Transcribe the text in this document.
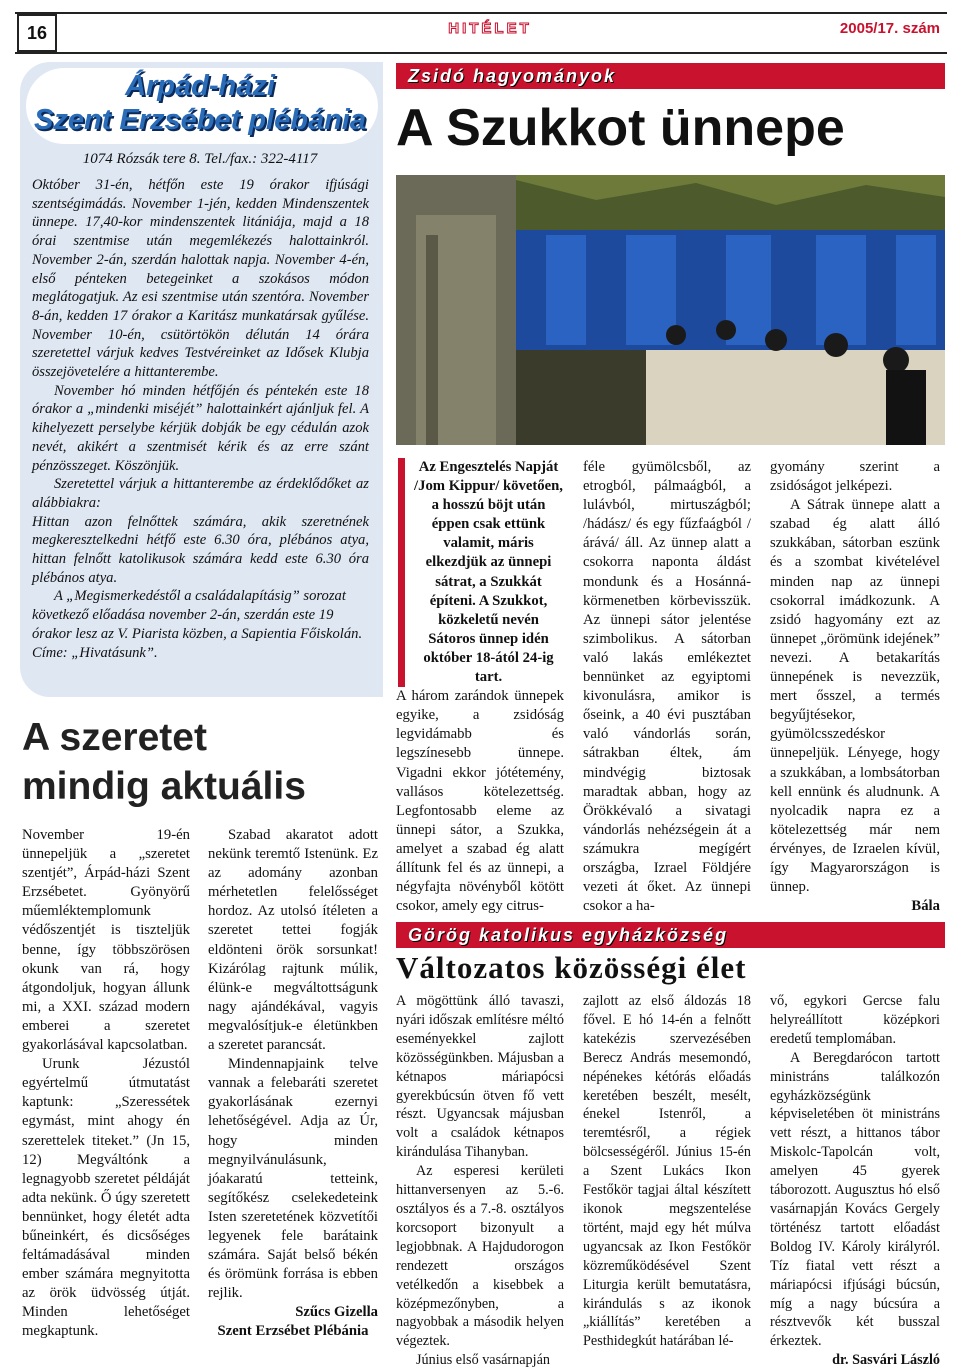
16	HITÉLET	2005/17. szám
Árpád-házi
Szent Erzsébet plébánia
1074 Rózsák tere 8. Tel./fax.: 322-4117

Október 31-én, hétfőn este 19 órakor ifjúsági szentségimádás. November 1-jén, kedden Mindenszentek ünnepe. 17,40-kor mindenszentek litániája, majd a 18 órai szentmise után megemlékezés halottainkról. November 2-án, szerdán halottak napja. November 4-én, első pénteken betegeinket a szokásos módon meglátogatjuk. Az esi szentmise után szentóra. November 8-án, kedden 17 órakor a Karitász munkatársak gyűlése. November 10-én, csütörtökön délután 14 órára szeretettel várjuk kedves Testvéreinket az Idősek Klubja összejövetelére a hittanterembe.

November hó minden hétfőjén és péntekén este 18 órakor a „mindenki miséjét” halottainkért ajánljuk fel. A kihelyezett perselybe kérjük dobják be egy cédulán azok nevét, akikért a szentmisét kérik és az erre szánt pénzösszeget. Köszönjük.

Szeretettel várjuk a hittanterembe az érdeklődőket az alábbiakra:

Hittan azon felnőttek számára, akik szeretnének megkeresztelkedni hétfő este 6.30 óra, plébános atya, hittan felnőtt katolikusok számára kedd este 6.30 óra plébános atya.

A „Megismerkedéstől a családalapításig” sorozat következő előadása november 2-án, szerdán este 19 órakor lesz az V. Piarista közben, a Sapientia Főiskolán. Címe: „Hivatásunk”.

A szeretet
mindig aktuális

November 19-én ünnepeljük a „szeretet szentjét”, Árpád-házi Szent Erzsébetet. Gyönyörű műemléktemplomunk védőszentjét is tiszteljük benne, így többszörösen okunk van rá, hogy átgondoljuk, hogyan állunk mi, a XXI. század modern emberei a szeretet gyakorlásával kapcsolatban.

Urunk Jézustól egyértelmű útmutatást kaptunk: „Szeressétek egymást, mint ahogy én szerettelek titeket.” (Jn 15, 12) Megváltónk a legnagyobb szeretet példáját adta nekünk. Ő úgy szeretett bennünket, hogy életét adta bűneinkért, és dicsőséges feltámadásával minden ember számára megnyitotta az örök üdvösség útját. Minden lehetőséget megkaptunk.

Szabad akaratot adott nekünk teremtő Istenünk. Ez az adomány azonban mérhetetlen felelősséget hordoz. Az utolsó ítéleten a szeretet tettei fogják eldönteni örök sorsunkat! Kizárólag rajtunk múlik, élünk-e megváltottságunk nagy ajándékával, vagyis megvalósítjuk-e életünkben a szeretet parancsát.

Mindennapjaink telve vannak a felebaráti szeretet gyakorlásának ezernyi lehetőségével. Adja az Úr, hogy minden megnyilvánulásunk, jóakaratú tetteink, segítőkész cselekedeteink Isten szeretetének közvetítői legyenek fele barátaink számára. Saját belső békén és örömünk forrása is ebben rejlik.

Szűcs Gizella

Szent Erzsébet Plébánia

Zsidó hagyományok
A Szukkot ünnepe
Az Engesztelés Napját /Jom Kippur/ követően, a hosszú böjt után éppen csak ettünk valamit, máris elkezdjük az ünnepi sátrat, a Szukkát építeni. A Szukkot, közkeletű nevén Sátoros ünnep idén október 18-ától 24-ig tart.

A három zarándok ünnepek egyike, a zsidóság legvidámabb és legszínesebb ünnepe. Vigadni ekkor jótétemény, vallásos kötelezettség. Legfontosabb eleme az ünnepi sátor, a Szukka, amelyet a szabad ég alatt állítunk fel és az ünnepi, a négyfajta növényből kötött csokor, amely egy citrus-

féle gyümölcsből, az etrogból, pálmaágból, a lulávból, mirtuszágból; /hádász/ és egy fűzfaágból /árává/ áll. Az ünnep alatt a csokorra naponta áldást mondunk és a Hosánná-körmenetben körbevisszük. Az ünnepi sátor jelentése szimbolikus. A sátorban való lakás emlékeztet bennünket az egyiptomi kivonulásra, amikor is őseink, a 40 évi pusztában való vándorlás során, sátrakban éltek, ám mindvégig biztosak maradtak abban, hogy az Örökkévaló a sivatagi vándorlás nehézségein át a számukra megígért országba, Izrael Földjére vezeti át őket. Az ünnepi csokor a ha-

gyomány szerint a zsidóságot jelképezi.

A Sátrak ünnepe alatt a szabad ég alatt álló szukkában, sátorban eszünk és a szombat kivételével minden nap az ünnepi csokorral imádkozunk. A zsidó hagyomány ezt az ünnepet „örömünk idejének” nevezi. A betakarítás ünnepének is nevezzük, mert ősszel, a termés begyűjtésekor, gyümölcsszedéskor ünnepeljük. Lényege, hogy a szukkában, a lombsátorban kell ennünk és aludnunk. A nyolcadik napra ez a kötelezettség már nem érvényes, de Izraelen kívül, így Magyarországon is ünnep.

Bála

Görög katolikus egyházközség
Változatos közösségi élet

A mögöttünk álló tavaszi, nyári időszak említésre méltó eseményekkel zajlott közösségünkben. Májusban a kétnapos máriapócsi gyerekbúcsún ötven fő vett részt. Ugyancsak májusban volt a családok kétnapos kirándulása Tihanyban.

Az esperesi kerületi hittanversenyen az 5.-6. osztályos és a 7.-8. osztályos korcsoport bizonyult a legjobbnak. A Hajdudorogon rendezett országos vetélkedőn a kisebbek a középmezőnyben, a nagyobbak a második helyen végeztek.

Június első vasárnapján

zajlott az első áldozás 18 fővel. E hó 14-én a felnőtt katekézis szervezésében Berecz András mesemondó, népénekes kétórás előadás keretében beszélt, mesélt, énekel Istenről, a teremtésről, a régiek bölcsességéről. Június 15-én a Szent Lukács Ikon Festőkör tagjai által készített ikonok megszentelése történt, majd egy hét múlva ugyancsak az Ikon Festőkör közreműködésével Szent Liturgia került bemutatásra, kirándulás s az ikonok „kiállítás” keretében a Pesthidegkút határában lé-

vő, egykori Gercse falu helyreállított középkori eredetű templomában.

A Beregdarócon tartott ministráns találkozón egyházközségünk képviseletében öt ministráns vett részt, a hittanos tábor Miskolc-Tapolcán volt, amelyen 45 gyerek táborozott. Augusztus hó első vasárnapján Kovács Gergely történész tartott előadást Boldog IV. Károly királyról. Tíz fiatal vett részt a máriapócsi ifjúsági búcsún, míg a nagy búcsúra a résztvevők két busszal érkeztek.

dr. Sasvári László
